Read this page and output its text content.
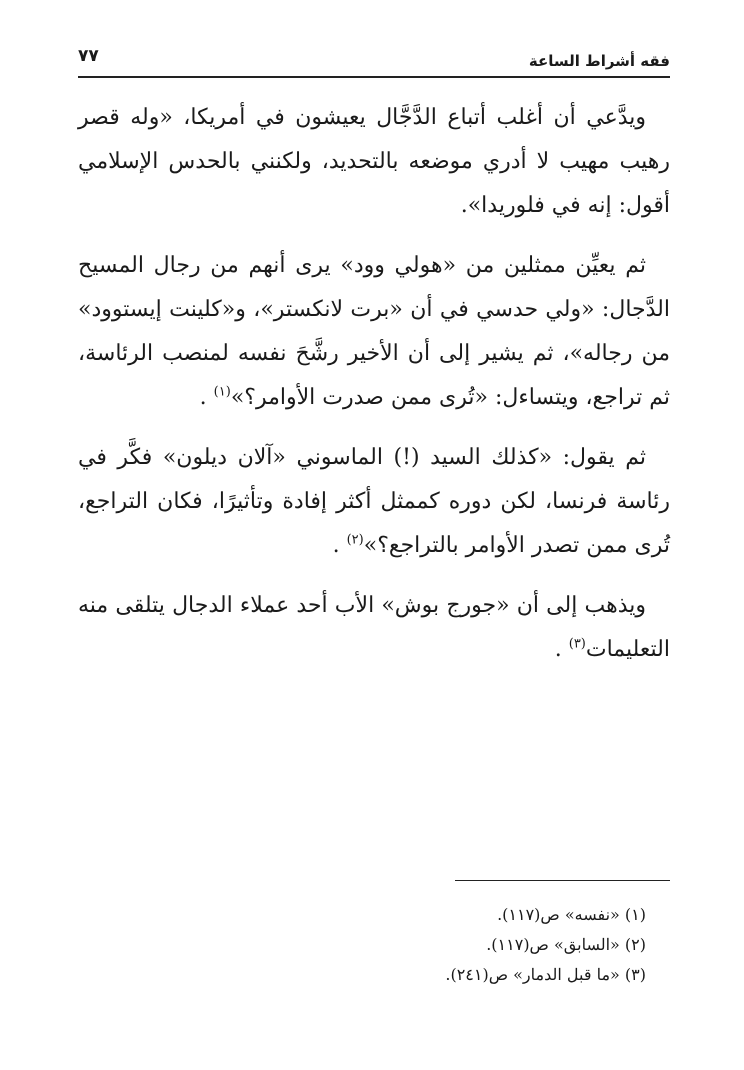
فقه أشراط الساعة
٧٧

ويدَّعي أن أغلب أتباع الدَّجَّال يعيشون في أمريكا، «وله قصر رهيب مهيب لا أدري موضعه بالتحديد، ولكنني بالحدس الإسلامي أقول: إنه في فلوريدا».

ثم يعيِّن ممثلين من «هولي وود» يرى أنهم من رجال المسيح الدَّجال: «ولي حدسي في أن «برت لانكستر»، و«كلينت إيستوود» من رجاله»، ثم يشير إلى أن الأخير رشَّحَ نفسه لمنصب الرئاسة، ثم تراجع، ويتساءل: «تُرى ممن صدرت الأوامر؟»$^{(١)}$ .

ثم يقول: «كذلك السيد (!) الماسوني «آلان ديلون» فكَّر في رئاسة فرنسا، لكن دوره كممثل أكثر إفادة وتأثيرًا، فكان التراجع، تُرى ممن تصدر الأوامر بالتراجع؟»$^{(٢)}$ .

ويذهب إلى أن «جورج بوش» الأب أحد عملاء الدجال يتلقى منه التعليمات$^{(٣)}$ .

(١) «نفسه» ص(١١٧).
(٢) «السابق» ص(١١٧).
(٣) «ما قبل الدمار» ص(٢٤١).
